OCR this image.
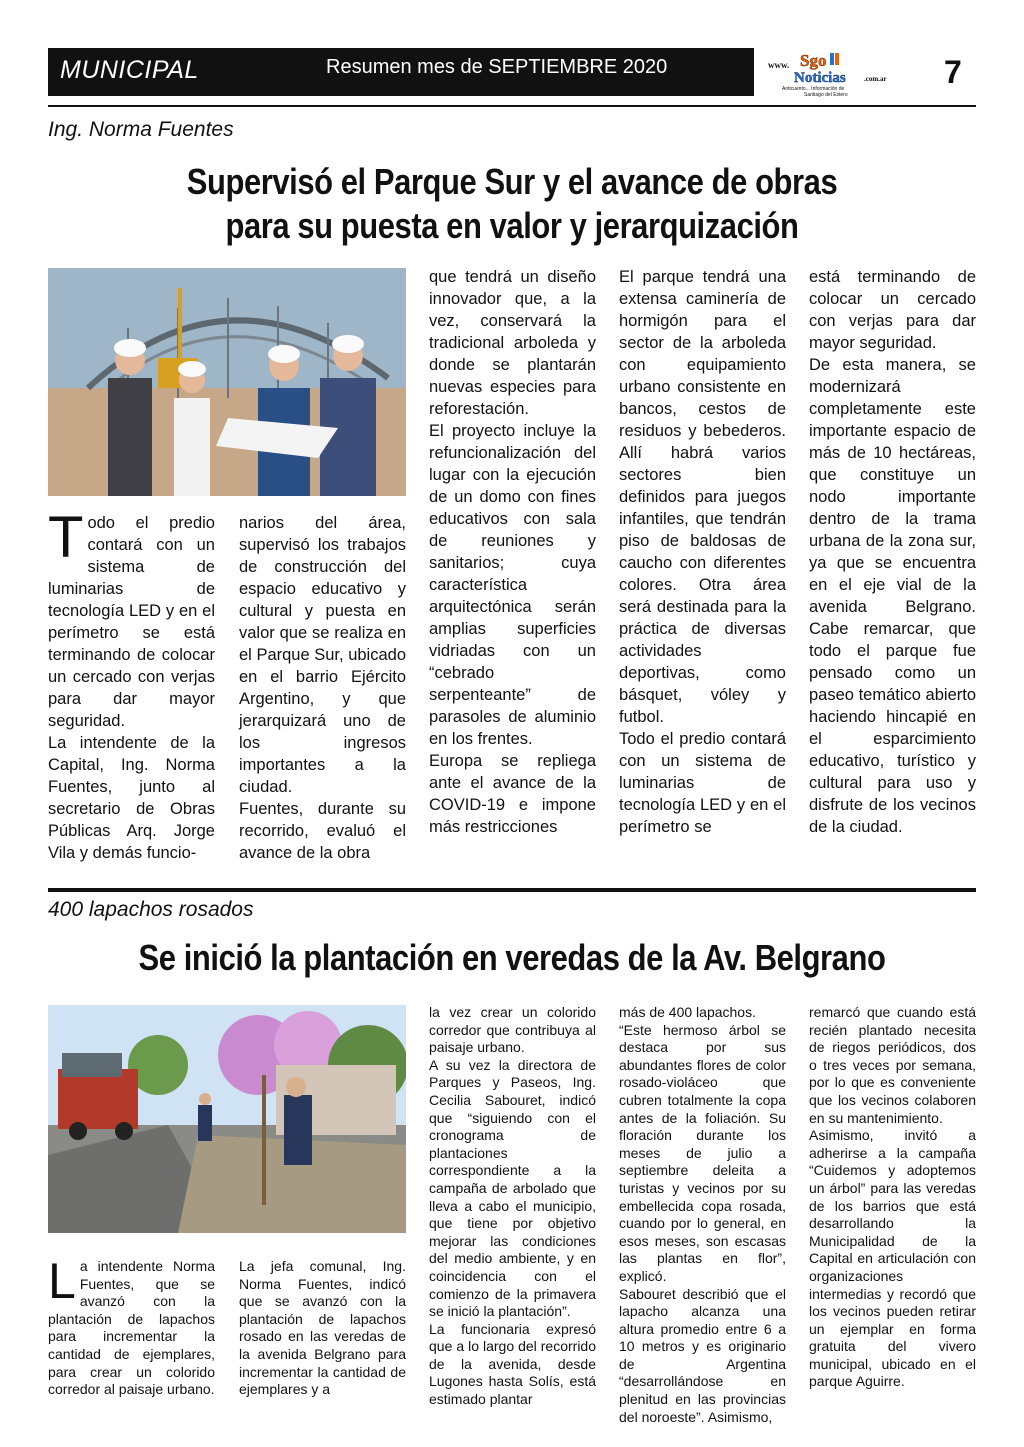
MUNICIPAL	Resumen mes de SEPTIEMBRE 2020	www. Sgo
Noticias	.com.ar
Anticuento... Información de
Santiago del Estero
7
Ing. Norma Fuentes
Supervisó el Parque Sur y el avance de obras
para su puesta en valor y jerarquización

Todo el predio contará con un sistema de luminarias de tecnología LED y en el perímetro se está terminando de colocar un cercado con verjas para dar mayor seguridad.

La intendente de la Capital, Ing. Norma Fuentes, junto al secretario de Obras Públicas Arq. Jorge Vila y demás funcio-

narios del área, supervisó los trabajos de construcción del espacio educativo y cultural y puesta en valor que se realiza en el Parque Sur, ubicado en el barrio Ejército Argentino, y que jerarquizará uno de los ingresos importantes a la ciudad.

Fuentes, durante su recorrido, evaluó el avance de la obra

que tendrá un diseño innovador que, a la vez, conservará la tradicional arboleda y donde se plantarán nuevas especies para reforestación.

El proyecto incluye la refuncionalización del lugar con la ejecución de un domo con fines educativos con sala de reuniones y sanitarios; cuya característica arquitectónica serán amplias superficies vidriadas con un “cebrado serpenteante” de parasoles de aluminio en los frentes.

Europa se repliega ante el avance de la COVID-19 e impone más restricciones

El parque tendrá una extensa caminería de hormigón para el sector de la arboleda con equipamiento urbano consistente en bancos, cestos de residuos y bebederos. Allí habrá varios sectores bien definidos para juegos infantiles, que tendrán piso de baldosas de caucho con diferentes colores. Otra área será destinada para la práctica de diversas actividades deportivas, como básquet, vóley y futbol.

Todo el predio contará con un sistema de luminarias de tecnología LED y en el perímetro se

está terminando de colocar un cercado con verjas para dar mayor seguridad.

De esta manera, se modernizará completamente este importante espacio de más de 10 hectáreas, que constituye un nodo importante dentro de la trama urbana de la zona sur, ya que se encuentra en el eje vial de la avenida Belgrano. Cabe remarcar, que todo el parque fue pensado como un paseo temático abierto haciendo hincapié en el esparcimiento educativo, turístico y cultural para uso y disfrute de los vecinos de la ciudad.

400 lapachos rosados
Se inició la plantación en veredas de la Av. Belgrano

La intendente Norma Fuentes, que se avanzó con la plantación de lapachos para incrementar la cantidad de ejemplares, para crear un colorido corredor al paisaje urbano.

La jefa comunal, Ing. Norma Fuentes, indicó que se avanzó con la plantación de lapachos rosado en las veredas de la avenida Belgrano para incrementar la cantidad de ejemplares y a

la vez crear un colorido corredor que contribuya al paisaje urbano.

A su vez la directora de Parques y Paseos, Ing. Cecilia Sabouret, indicó que “siguiendo con el cronograma de plantaciones correspondiente a la campaña de arbolado que lleva a cabo el municipio, que tiene por objetivo mejorar las condiciones del medio ambiente, y en coincidencia con el comienzo de la primavera se inició la plantación”.

La funcionaria expresó que a lo largo del recorrido de la avenida, desde Lugones hasta Solís, está estimado plantar

más de 400 lapachos.

“Este hermoso árbol se destaca por sus abundantes flores de color rosado-violáceo que cubren totalmente la copa antes de la foliación. Su floración durante los meses de julio a septiembre deleita a turistas y vecinos por su embellecida copa rosada, cuando por lo general, en esos meses, son escasas las plantas en flor”, explicó.

Sabouret describió que el lapacho alcanza una altura promedio entre 6 a 10 metros y es originario de Argentina “desarrollándose en plenitud en las provincias del noroeste”. Asimismo,

remarcó que cuando está recién plantado necesita de riegos periódicos, dos o tres veces por semana, por lo que es conveniente que los vecinos colaboren en su mantenimiento.

Asimismo, invitó a adherirse a la campaña “Cuidemos y adoptemos un árbol” para las veredas de los barrios que está desarrollando la Municipalidad de la Capital en articulación con organizaciones intermedias y recordó que los vecinos pueden retirar un ejemplar en forma gratuita del vivero municipal, ubicado en el parque Aguirre.
